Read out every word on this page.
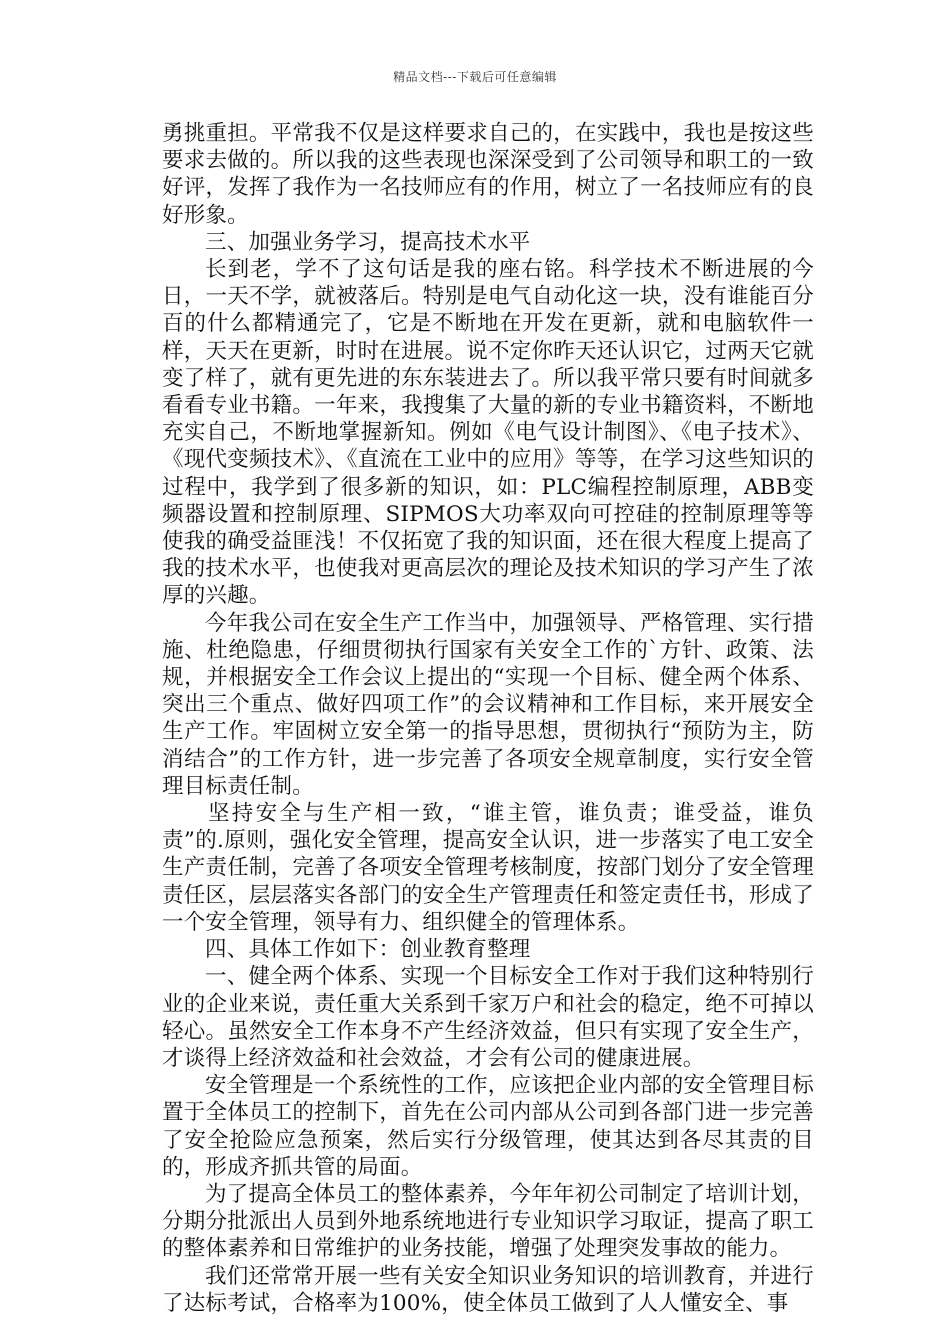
精品文档---下载后可任意编辑

勇挑重担。平常我不仅是这样要求自己的，在实践中，我也是按这些要求去做的。所以我的这些表现也深深受到了公司领导和职工的一致好评，发挥了我作为一名技师应有的作用，树立了一名技师应有的良好形象。

三、加强业务学习，提高技术水平

长到老，学不了这句话是我的座右铭。科学技术不断进展的今日，一天不学，就被落后。特别是电气自动化这一块，没有谁能百分百的什么都精通完了，它是不断地在开发在更新，就和电脑软件一样，天天在更新，时时在进展。说不定你昨天还认识它，过两天它就变了样了，就有更先进的东东装进去了。所以我平常只要有时间就多看看专业书籍。一年来，我搜集了大量的新的专业书籍资料，不断地充实自己，不断地掌握新知。例如《电气设计制图》、《电子技术》、《现代变频技术》、《直流在工业中的应用》等等，在学习这些知识的过程中，我学到了很多新的知识，如：PLC编程控制原理，ABB变频器设置和控制原理、SIPMOS大功率双向可控硅的控制原理等等使我的确受益匪浅！不仅拓宽了我的知识面，还在很大程度上提高了我的技术水平，也使我对更高层次的理论及技术知识的学习产生了浓厚的兴趣。

今年我公司在安全生产工作当中，加强领导、严格管理、实行措施、杜绝隐患，仔细贯彻执行国家有关安全工作的`方针、政策、法规，并根据安全工作会议上提出的“实现一个目标、健全两个体系、突出三个重点、做好四项工作”的会议精神和工作目标，来开展安全生产工作。牢固树立安全第一的指导思想，贯彻执行“预防为主，防消结合”的工作方针，进一步完善了各项安全规章制度，实行安全管理目标责任制。

坚持安全与生产相一致，“谁主管，谁负责；谁受益，谁负责”的.原则，强化安全管理，提高安全认识，进一步落实了电工安全生产责任制，完善了各项安全管理考核制度，按部门划分了安全管理责任区，层层落实各部门的安全生产管理责任和签定责任书，形成了一个安全管理，领导有力、组织健全的管理体系。

四、具体工作如下：创业教育整理

一、健全两个体系、实现一个目标安全工作对于我们这种特别行业的企业来说，责任重大关系到千家万户和社会的稳定，绝不可掉以轻心。虽然安全工作本身不产生经济效益，但只有实现了安全生产，才谈得上经济效益和社会效益，才会有公司的健康进展。

安全管理是一个系统性的工作，应该把企业内部的安全管理目标置于全体员工的控制下，首先在公司内部从公司到各部门进一步完善了安全抢险应急预案，然后实行分级管理，使其达到各尽其责的目的，形成齐抓共管的局面。

为了提高全体员工的整体素养，今年年初公司制定了培训计划，分期分批派出人员到外地系统地进行专业知识学习取证，提高了职工的整体素养和日常维护的业务技能，增强了处理突发事故的能力。

我们还常常开展一些有关安全知识业务知识的培训教育，并进行了达标考试，合格率为100%，使全体员工做到了人人懂安全、事
